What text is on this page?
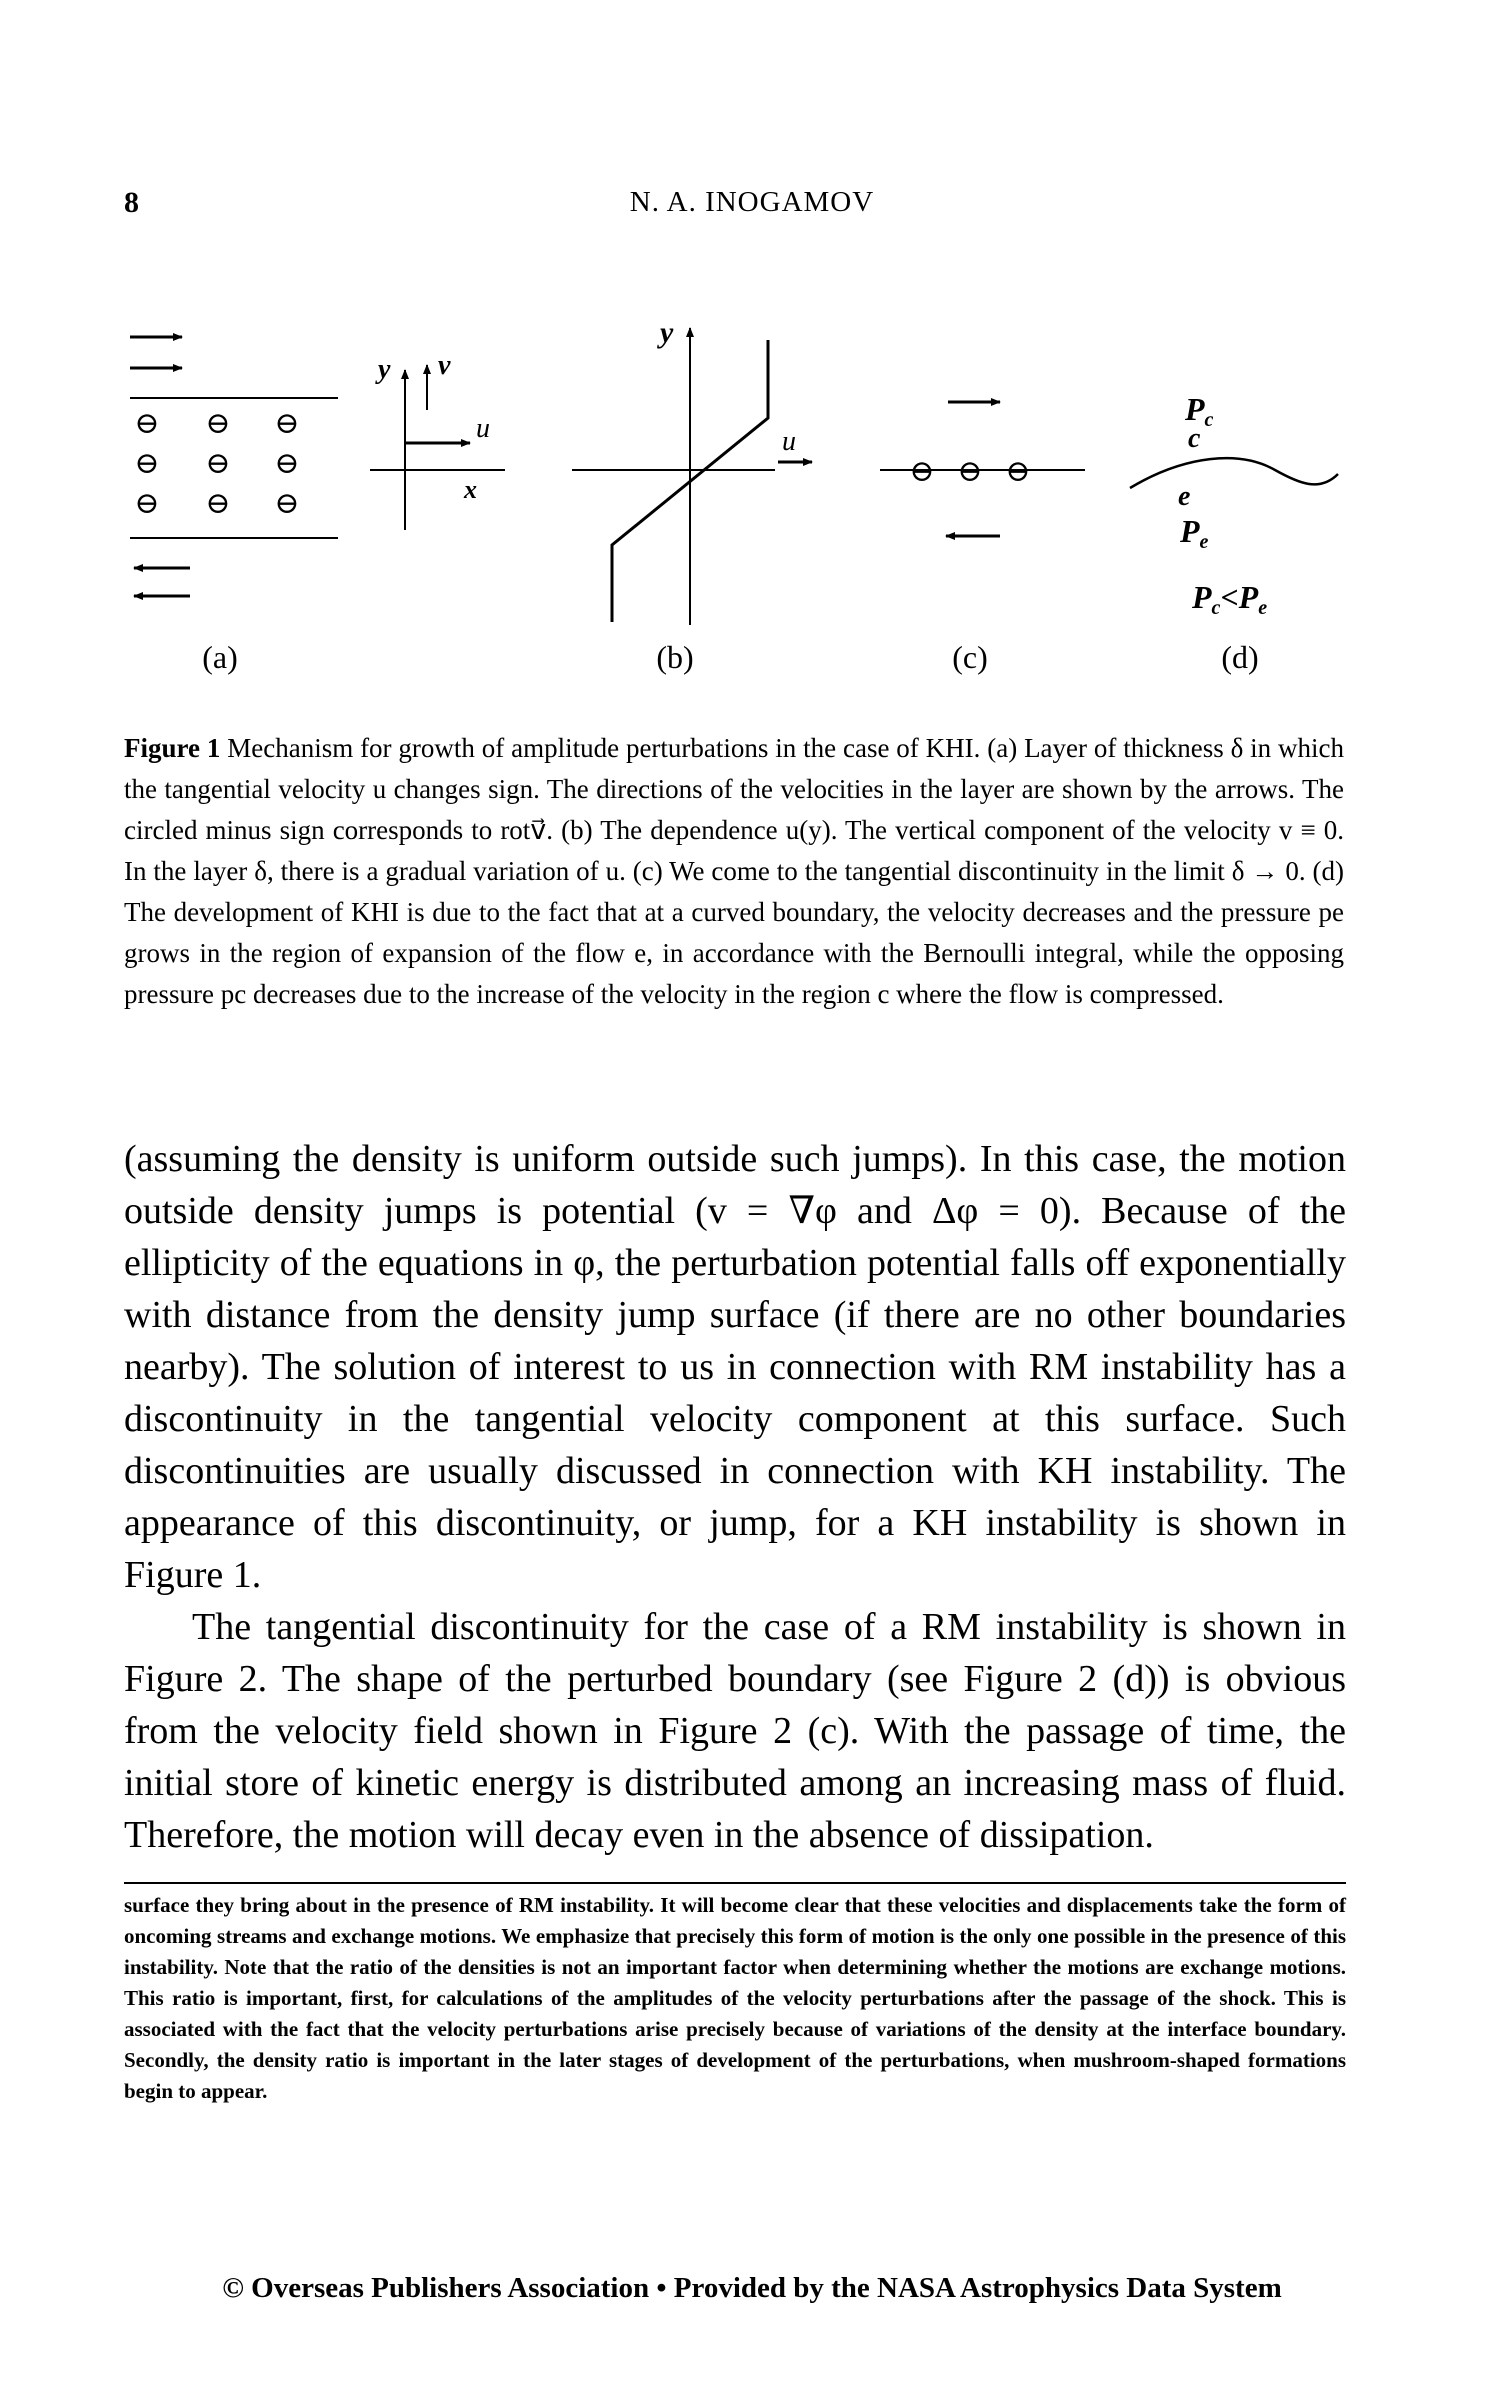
8	N. A. INOGAMOV
⊖ ⊖ ⊖
⊖ ⊖ ⊖
⊖ ⊖ ⊖
(a)
y v
u
x
y
u
(b)
⊖ ⊖ ⊖
(c)
Pc
c
e
Pe
Pc<Pe
(d)
Figure 1 Mechanism for growth of amplitude perturbations in the case of KHI. (a) Layer of thickness δ in which the tangential velocity u changes sign. The directions of the velocities in the layer are shown by the arrows. The circled minus sign corresponds to rotv⃗. (b) The dependence u(y). The vertical component of the velocity v ≡ 0. In the layer δ, there is a gradual variation of u. (c) We come to the tangential discontinuity in the limit δ → 0. (d) The development of KHI is due to the fact that at a curved boundary, the velocity decreases and the pressure pe grows in the region of expansion of the flow e, in accordance with the Bernoulli integral, while the opposing pressure pc decreases due to the increase of the velocity in the region c where the flow is compressed.

(assuming the density is uniform outside such jumps). In this case, the motion outside density jumps is potential (v = ∇φ and Δφ = 0). Because of the ellipticity of the equations in φ, the perturbation potential falls off exponentially with distance from the density jump surface (if there are no other boundaries nearby). The solution of interest to us in connection with RM instability has a discontinuity in the tangential velocity component at this surface. Such discontinuities are usually discussed in connection with KH instability. The appearance of this discontinuity, or jump, for a KH instability is shown in Figure 1.

The tangential discontinuity for the case of a RM instability is shown in Figure 2. The shape of the perturbed boundary (see Figure 2 (d)) is obvious from the velocity field shown in Figure 2 (c). With the passage of time, the initial store of kinetic energy is distributed among an increasing mass of fluid. Therefore, the motion will decay even in the absence of dissipation.

surface they bring about in the presence of RM instability. It will become clear that these velocities and displacements take the form of oncoming streams and exchange motions. We emphasize that precisely this form of motion is the only one possible in the presence of this instability. Note that the ratio of the densities is not an important factor when determining whether the motions are exchange motions. This ratio is important, first, for calculations of the amplitudes of the velocity perturbations after the passage of the shock. This is associated with the fact that the velocity perturbations arise precisely because of variations of the density at the interface boundary. Secondly, the density ratio is important in the later stages of development of the perturbations, when mushroom-shaped formations begin to appear.
© Overseas Publishers Association • Provided by the NASA Astrophysics Data System
